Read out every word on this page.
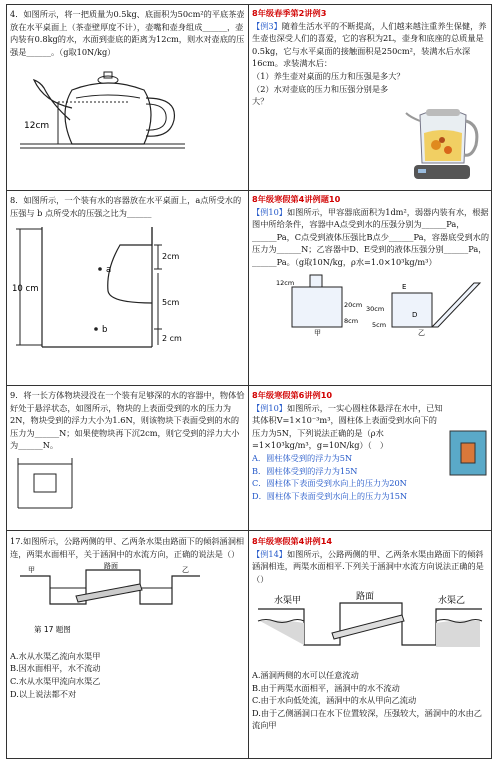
4．如图所示，将一把质量为0.5kg、底面积为50cm²的平底茶壶放在水平桌面上（茶壶壁厚度不计），壶嘴和壶身组成______，壶内装有0.8kg的水，水面到壶底的距离为12cm，则水对壶底的压强是______。（g取10N/kg）
12cm
8年级春季第2讲例3
【例3】随着生活水平的不断提高，人们越来越注重养生保健，养生壶也深受人们的喜爱，它的容积为2L，壶身和底座的总质量是0.5kg，它与水平桌面的接触面积是250cm²，装满水后水深16cm。求装满水后：
（1）养生壶对桌面的压力和压强是多大？
（2）水对壶底的压力和压强分别是多大？
8．如图所示，一个装有水的容器放在水平桌面上，a点所受水的压强与 b 点所受水的压强之比为______
10 cm
a
b
2cm
5cm
2 cm
8年级寒假第4讲例题10
【例10】如图所示，甲容器底面积为1dm²，弱器内装有水，根据图中所给条件，容器中A点受到水的压强分别为______Pa，______Pa，C点受到液体压强比B点少______Pa，容器底受到水的压力为______N；乙容器中D、E受到的液体压强分别______Pa，______Pa。（g取10N/kg，ρ水=1.0×10³kg/m³）
12cm
20cm
8cm
甲
E
D
30cm
5cm
乙
9．将一长方体物块浸没在一个装有足够深的水的容器中，物体恰好处于悬浮状态，如图所示，物块的上表面受到的水的压力为2N，物块受到的浮力大小为1.6N，则该物块下表面受到的水的压力为______N；如果使物块再下沉2cm，则它受到的浮力大小为______N。
8年级寒假第6讲例10
【例10】如图所示，一实心圆柱体悬浮在水中，已知其体积V=1×10⁻³m³，圆柱体上表面受到水向下的压力为5N，下列说法正确的是（ρ水=1×10³kg/m³，g=10N/kg）（　）
A．圆柱体受到的浮力为5N
B．圆柱体受到的浮力为15N
C．圆柱体下表面受到水向上的压力为20N
D．圆柱体下表面受到水向上的压力为15N
17.如图所示，公路两侧的甲、乙两条水渠由路面下的倾斜涵洞相连，两渠水面相平，关于涵洞中的水流方向，正确的说法是（）
甲	路面	乙
第 17 题图
A.水从水渠乙流向水渠甲
B.因水面相平，水不流动
C.水从水渠甲流向水渠乙
D.以上说法都不对
8年级寒假第4讲例14
【例14】如图所示，公路两侧的甲、乙两条水渠由路面下的倾斜涵洞相连，两渠水面相平.下列关于涵洞中水流方向说法正确的是（）
水渠甲	路面	水渠乙
A.涵洞两侧的水可以任意流动
B.由于两渠水面相平，涵洞中的水不流动
C.由于水向低处流，涵洞中的水从甲向乙流动
D.由于乙侧涵洞口在水下位置较深，压强较大，涵洞中的水由乙流向甲
